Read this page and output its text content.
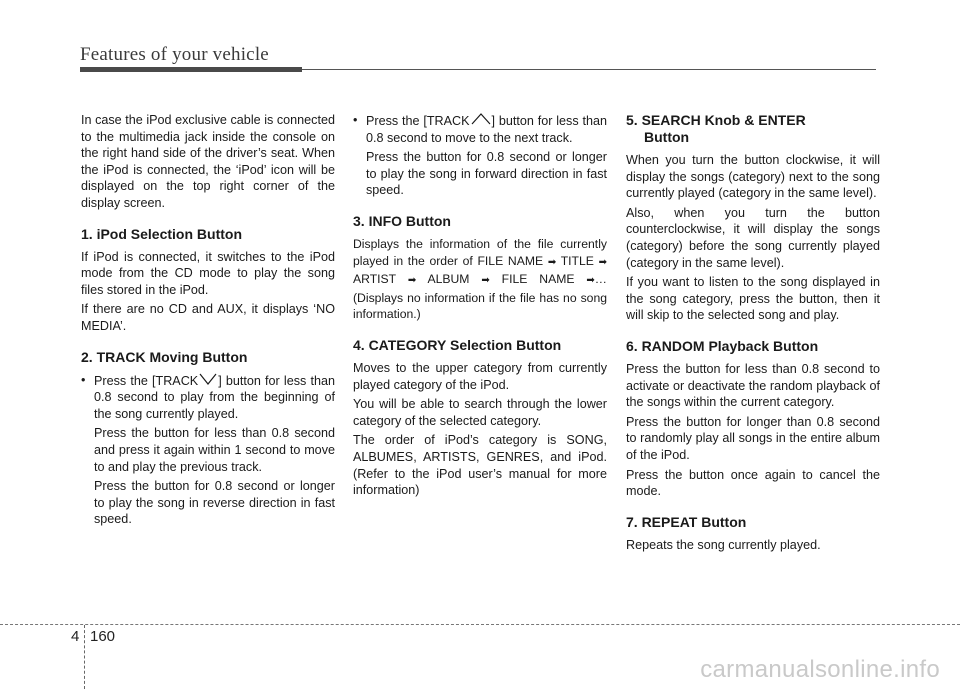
Features of your vehicle

In case the iPod exclusive cable is connected to the multimedia jack inside the console on the right hand side of the driver’s seat. When the iPod is connected, the ‘iPod’ icon will be displayed on the top right corner of the display screen.

1. iPod Selection Button

If iPod is connected, it switches to the iPod mode from the CD mode to play the song files stored in the iPod.

If there are no CD and AUX, it displays ‘NO MEDIA’.

2. TRACK Moving Button
• Press the [TRACK ] button for less than 0.8 second to play from the beginning of the song currently played.
Press the button for less than 0.8 second and press it again within 1 second to move to and play the previous track.
Press the button for 0.8 second or longer to play the song in reverse direction in fast speed.
• Press the [TRACK ] button for less than 0.8 second to move to the next track.
Press the button for 0.8 second or longer to play the song in forward direction in fast speed.
3. INFO Button

Displays the information of the file currently played in the order of FILE NAME ➡ TITLE ➡ ARTIST ➡ ALBUM ➡ FILE NAME ➡… (Displays no information if the file has no song information.)

4. CATEGORY Selection Button

Moves to the upper category from currently played category of the iPod.

You will be able to search through the lower category of the selected category.

The order of iPod’s category is SONG, ALBUMES, ARTISTS, GENRES, and iPod. (Refer to the iPod user’s manual for more information)

5. SEARCH Knob & ENTER
Button

When you turn the button clockwise, it will display the songs (category) next to the song currently played (category in the same level).

Also, when you turn the button counterclockwise, it will display the songs (category) before the song currently played (category in the same level).

If you want to listen to the song displayed in the song category, press the button, then it will skip to the selected song and play.

6. RANDOM Playback Button

Press the button for less than 0.8 second to activate or deactivate the random playback of the songs within the current category.

Press the button for longer than 0.8 second to randomly play all songs in the entire album of the iPod.

Press the button once again to cancel the mode.

7. REPEAT Button

Repeats the song currently played.

4 160
carmanualsonline.info
